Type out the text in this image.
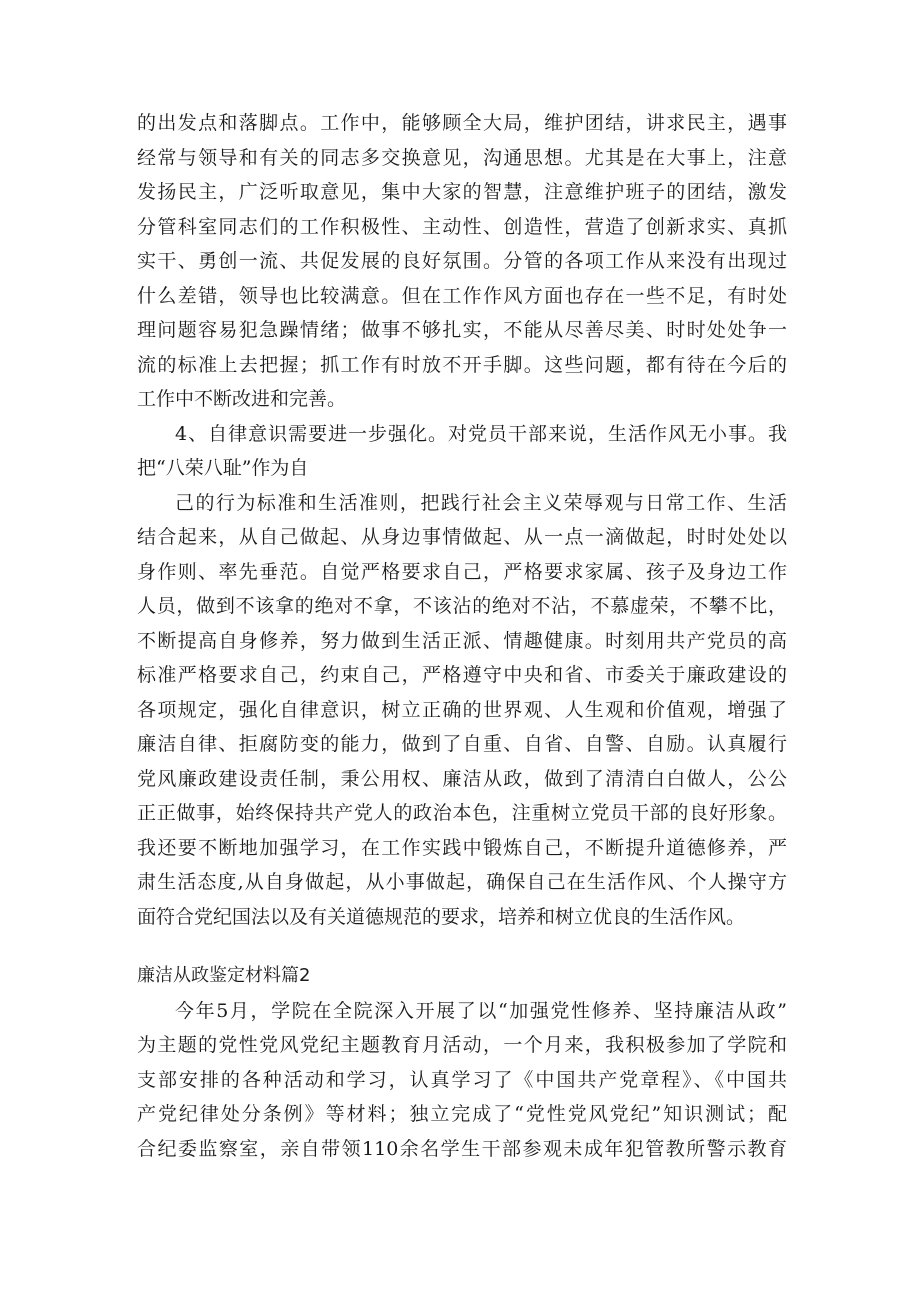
的出发点和落脚点。工作中，能够顾全大局，维护团结，讲求民主，遇事
经常与领导和有关的同志多交换意见，沟通思想。尤其是在大事上，注意
发扬民主，广泛听取意见，集中大家的智慧，注意维护班子的团结，激发
分管科室同志们的工作积极性、主动性、创造性，营造了创新求实、真抓
实干、勇创一流、共促发展的良好氛围。分管的各项工作从来没有出现过
什么差错，领导也比较满意。但在工作作风方面也存在一些不足，有时处
理问题容易犯急躁情绪；做事不够扎实，不能从尽善尽美、时时处处争一
流的标准上去把握；抓工作有时放不开手脚。这些问题，都有待在今后的
工作中不断改进和完善。
4、自律意识需要进一步强化。对党员干部来说，生活作风无小事。我
把“八荣八耻”作为自
己的行为标准和生活准则，把践行社会主义荣辱观与日常工作、生活
结合起来，从自己做起、从身边事情做起、从一点一滴做起，时时处处以
身作则、率先垂范。自觉严格要求自己，严格要求家属、孩子及身边工作
人员，做到不该拿的绝对不拿，不该沾的绝对不沾，不慕虚荣，不攀不比，
不断提高自身修养，努力做到生活正派、情趣健康。时刻用共产党员的高
标准严格要求自己，约束自己，严格遵守中央和省、市委关于廉政建设的
各项规定，强化自律意识，树立正确的世界观、人生观和价值观，增强了
廉洁自律、拒腐防变的能力，做到了自重、自省、自警、自励。认真履行
党风廉政建设责任制，秉公用权、廉洁从政，做到了清清白白做人，公公
正正做事，始终保持共产党人的政治本色，注重树立党员干部的良好形象。
我还要不断地加强学习，在工作实践中锻炼自己，不断提升道德修养，严
肃生活态度,从自身做起，从小事做起，确保自己在生活作风、个人操守方
面符合党纪国法以及有关道德规范的要求，培养和树立优良的生活作风。
廉洁从政鉴定材料篇2
今年5月，学院在全院深入开展了以“加强党性修养、坚持廉洁从政”
为主题的党性党风党纪主题教育月活动，一个月来，我积极参加了学院和
支部安排的各种活动和学习，认真学习了《中国共产党章程》、《中国共
产党纪律处分条例》等材料；独立完成了“党性党风党纪”知识测试；配
合纪委监察室，亲自带领110余名学生干部参观未成年犯管教所警示教育
